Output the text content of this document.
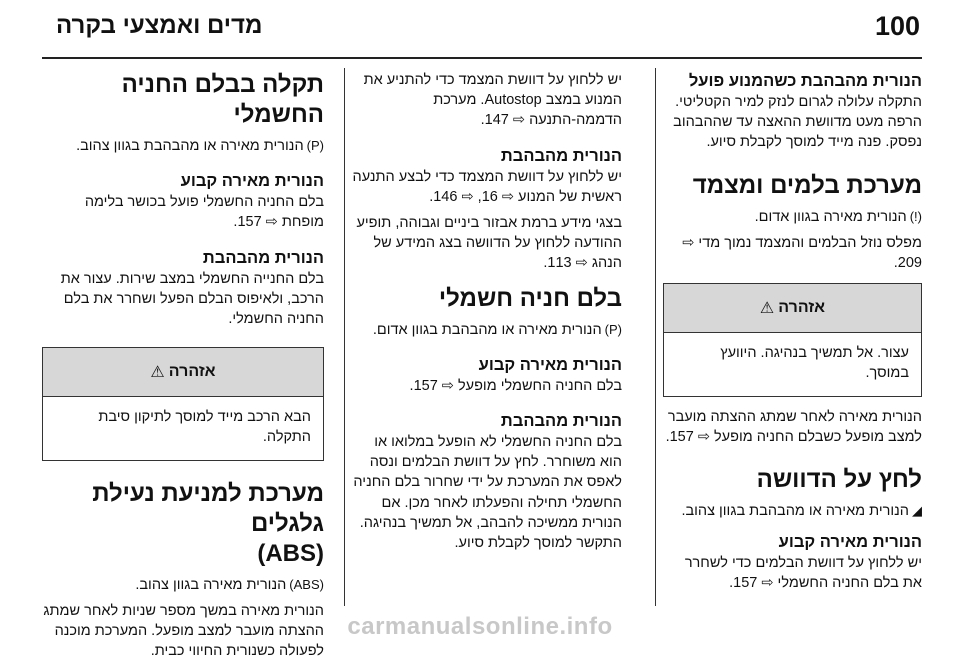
100
מדים ואמצעי בקרה
הנורית מהבהבת כשהמנוע פועל

התקלה עלולה לגרום לנזק למיר הקטליטי. הרפה מעט מדוושת ההאצה עד שההבהוב נפסק. פנה מייד למוסך לקבלת סיוע.

מערכת בלמים ומצמד

(!)הנורית מאירה בגוון אדום.

מפלס נוזל הבלמים והמצמד נמוך מדי ⇨ 209.

אזהרה
⚠
עצור. אל תמשיך בנהיגה. היוועץ במוסך.

הנורית מאירה לאחר שמתג ההצתה מועבר למצב מופעל כשבלם החניה מופעל ⇨ 157.

לחץ על הדוושה

◢הנורית מאירה או מהבהבת בגוון צהוב.

הנורית מאירה קבוע

יש ללחוץ על דוושת הבלמים כדי לשחרר את בלם החניה החשמלי ⇨ 157.

יש ללחוץ על דוושת המצמד כדי להתניע את המנוע במצב Autostop. מערכת הדממה-התנעה ⇨ 147.

הנורית מהבהבת

יש ללחוץ על דוושת המצמד כדי לבצע התנעה ראשית של המנוע ⇨ 16, ⇨ 146.

בצגי מידע ברמת אבזור ביניים וגבוהה, תופיע ההודעה ללחוץ על הדוושה בצג המידע של הנהג ⇨ 113.

בלם חניה חשמלי

(P)הנורית מאירה או מהבהבת בגוון אדום.

הנורית מאירה קבוע

בלם החניה החשמלי מופעל ⇨ 157.

הנורית מהבהבת

בלם החניה החשמלי לא הופעל במלואו או הוא משוחרר. לחץ על דוושת הבלמים ונסה לאפס את המערכת על ידי שחרור בלם החניה החשמלי תחילה והפעלתו לאחר מכן. אם הנורית ממשיכה להבהב, אל תמשיך בנהיגה. התקשר למוסך לקבלת סיוע.

תקלה בבלם החניה החשמלי

(P)הנורית מאירה או מהבהבת בגוון צהוב.

הנורית מאירה קבוע

בלם החניה החשמלי פועל בכושר בלימה מופחת ⇨ 157.

הנורית מהבהבת

בלם החנייה החשמלי במצב שירות. עצור את הרכב, ולאיפוס הבלם הפעל ושחרר את בלם החניה החשמלי.

אזהרה
⚠
הבא הרכב מייד למוסך לתיקון סיבת התקלה.
מערכת למניעת נעילת גלגלים
(ABS)

(ABS)הנורית מאירה בגוון צהוב.

הנורית מאירה במשך מספר שניות לאחר שמתג ההצתה מועבר למצב מופעל. המערכת מוכנה לפעולה כשנורית החיווי כבית.

carmanualsonline.info
